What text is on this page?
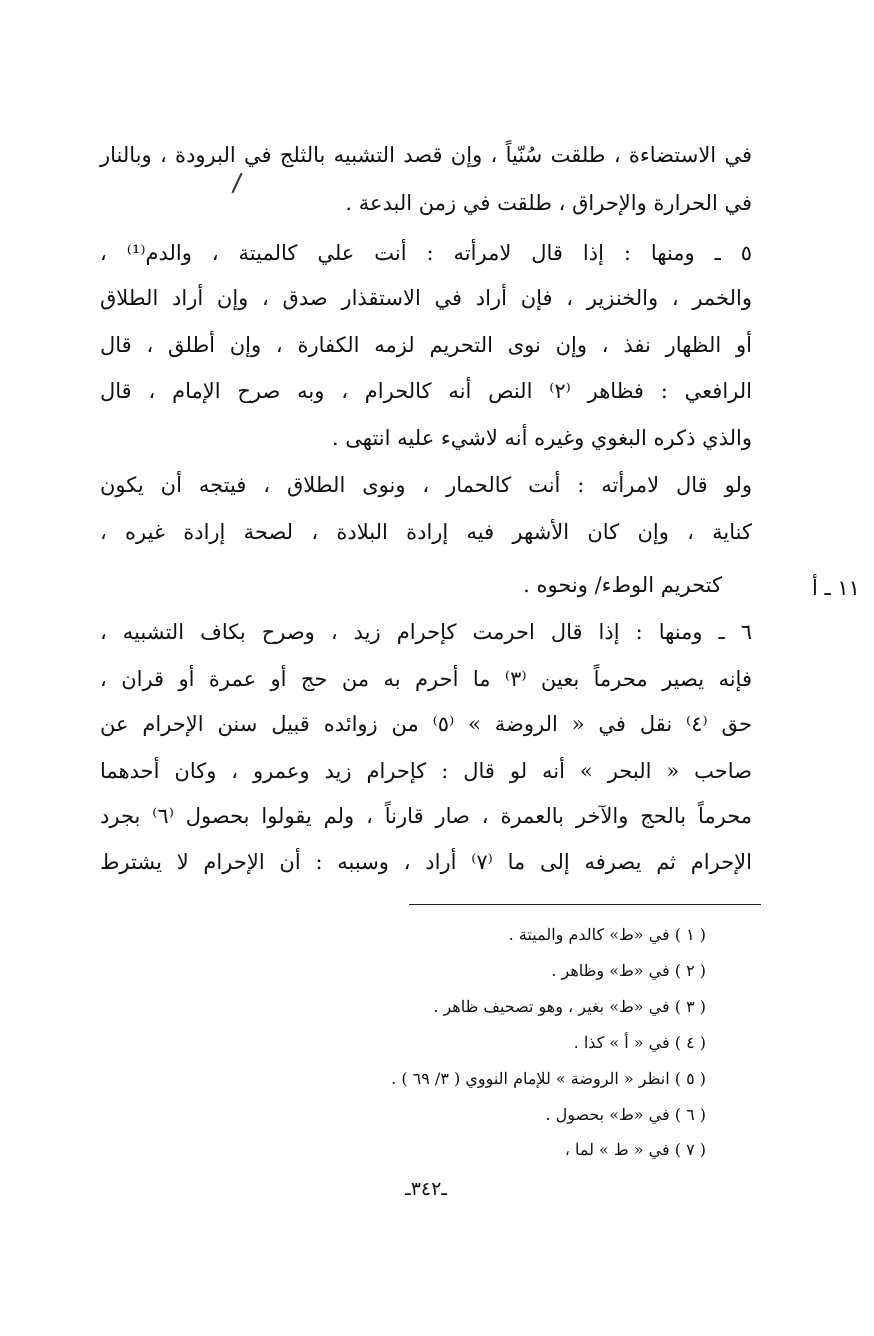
في الاستضاءة ، طلقت سُنّياً ، وإن قصد التشبيه بالثلج في البرودة ، وبالنار
في الحرارة والإحراق ، طلقت في زمن البدعة .
٥ ـ ومنها : إذا قال لامرأته : أنت علي كالميتة ، والدم⁽¹⁾ ،
والخمر ، والخنزير ، فإن أراد في الاستقذار صدق ، وإن أراد الطلاق
أو الظهار نفذ ، وإن نوى التحريم لزمه الكفارة ، وإن أطلق ، قال
الرافعي : فظاهر ⁽٢⁾ النص أنه كالحرام ، وبه صرح الإمام ، قال
والذي ذكره البغوي وغيره أنه لاشيء عليه انتهى .
ولو قال لامرأته : أنت كالحمار ، ونوى الطلاق ، فيتجه أن يكون
كناية ، وإن كان الأشهر فيه إرادة البلادة ، لصحة إرادة غيره ،
كتحريم الوطء/ ونحوه .
٦ ـ ومنها : إذا قال احرمت كإحرام زيد ، وصرح بكاف التشبيه ،
فإنه يصير محرماً بعين ⁽٣⁾ ما أحرم به من حج أو عمرة أو قران ،
حق ⁽٤⁾ نقل في « الروضة » ⁽٥⁾ من زوائده قبيل سنن الإحرام عن
صاحب « البحر » أنه لو قال : كإحرام زيد وعمرو ، وكان أحدهما
محرماً بالحج والآخر بالعمرة ، صار قارناً ، ولم يقولوا بحصول ⁽٦⁾ بجرد
الإحرام ثم يصرفه إلى ما ⁽٧⁾ أراد ، وسببه : أن الإحرام لا يشترط
١١ ـ أ
( ١ ) في «ط» كالدم والميتة .
( ٢ ) في «ط» وظاهر .
( ٣ ) في «ط» بغير ، وهو تصحيف ظاهر .
( ٤ ) في « أ » كذا .
( ٥ ) انظر « الروضة » للإمام النووي ( ٣/ ٦٩ ) .
( ٦ ) في «ط» بحصول .
( ٧ ) في « ط » لما ،
ـ٣٤٢ـ
